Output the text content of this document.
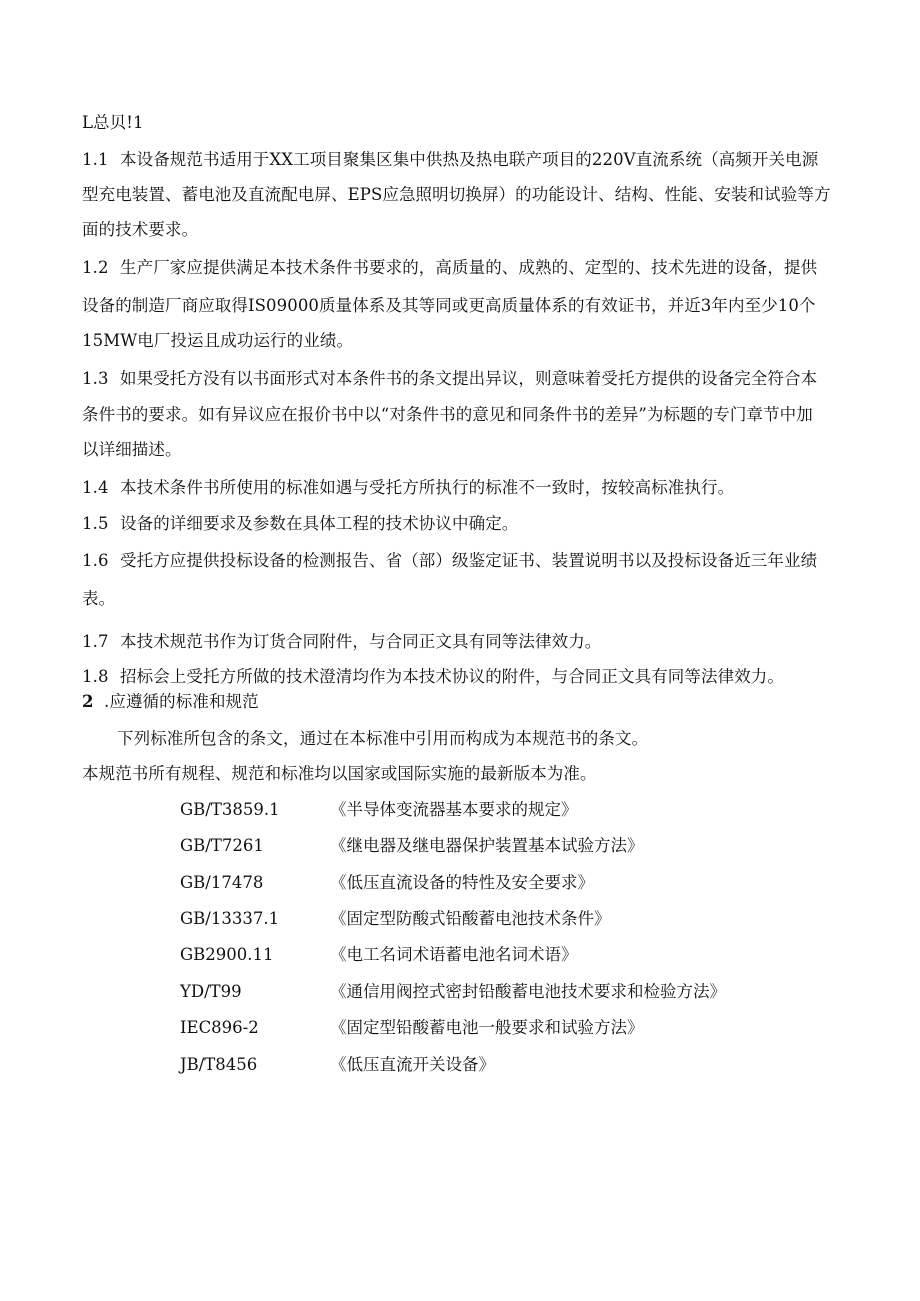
L总贝!1
1.1 本设备规范书适用于XX工项目聚集区集中供热及热电联产项目的220V直流系统（高频开关电源
型充电装置、蓄电池及直流配电屏、EPS应急照明切换屏）的功能设计、结构、性能、安装和试验等方
面的技术要求。
1.2 生产厂家应提供满足本技术条件书要求的，高质量的、成熟的、定型的、技术先进的设备，提供
设备的制造厂商应取得IS09000质量体系及其等同或更高质量体系的有效证书，并近3年内至少10个
15MW电厂投运且成功运行的业绩。
1.3 如果受托方没有以书面形式对本条件书的条文提出异议，则意味着受托方提供的设备完全符合本
条件书的要求。如有异议应在报价书中以“对条件书的意见和同条件书的差异”为标题的专门章节中加
以详细描述。
1.4 本技术条件书所使用的标准如遇与受托方所执行的标准不一致时，按较高标准执行。
1.5 设备的详细要求及参数在具体工程的技术协议中确定。
1.6 受托方应提供投标设备的检测报告、省（部）级鉴定证书、装置说明书以及投标设备近三年业绩
表。
1.7 本技术规范书作为订货合同附件，与合同正文具有同等法律效力。
1.8 招标会上受托方所做的技术澄清均作为本技术协议的附件，与合同正文具有同等法律效力。
2 .应遵循的标准和规范
下列标准所包含的条文，通过在本标准中引用而构成为本规范书的条文。
本规范书所有规程、规范和标准均以国家或国际实施的最新版本为准。
GB/T3859.1	《半导体变流器基本要求的规定》
GB/T7261	《继电器及继电器保护装置基本试验方法》
GB/17478	《低压直流设备的特性及安全要求》
GB/13337.1	《固定型防酸式铅酸蓄电池技术条件》
GB2900.11	《电工名词术语蓄电池名词术语》
YD/T99	《通信用阀控式密封铅酸蓄电池技术要求和检验方法》
IEC896-2	《固定型铅酸蓄电池一般要求和试验方法》
JB/T8456	《低压直流开关设备》
